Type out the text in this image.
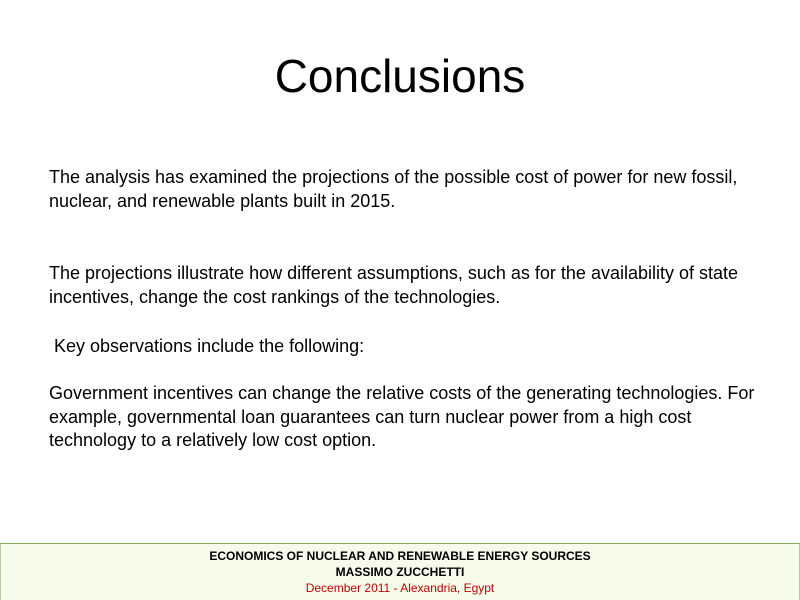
Conclusions

The analysis has examined the projections of the possible cost of power for new fossil, nuclear, and renewable plants built in 2015.

The projections illustrate how different assumptions, such as for the availability of state incentives, change the cost rankings of the technologies.

Key observations include the following:

Government incentives can change the relative costs of the generating technologies. For example, governmental loan guarantees can turn nuclear power from a high cost technology to a relatively low cost option.

ECONOMICS OF NUCLEAR AND RENEWABLE ENERGY SOURCES
MASSIMO ZUCCHETTI
December 2011 - Alexandria, Egypt
